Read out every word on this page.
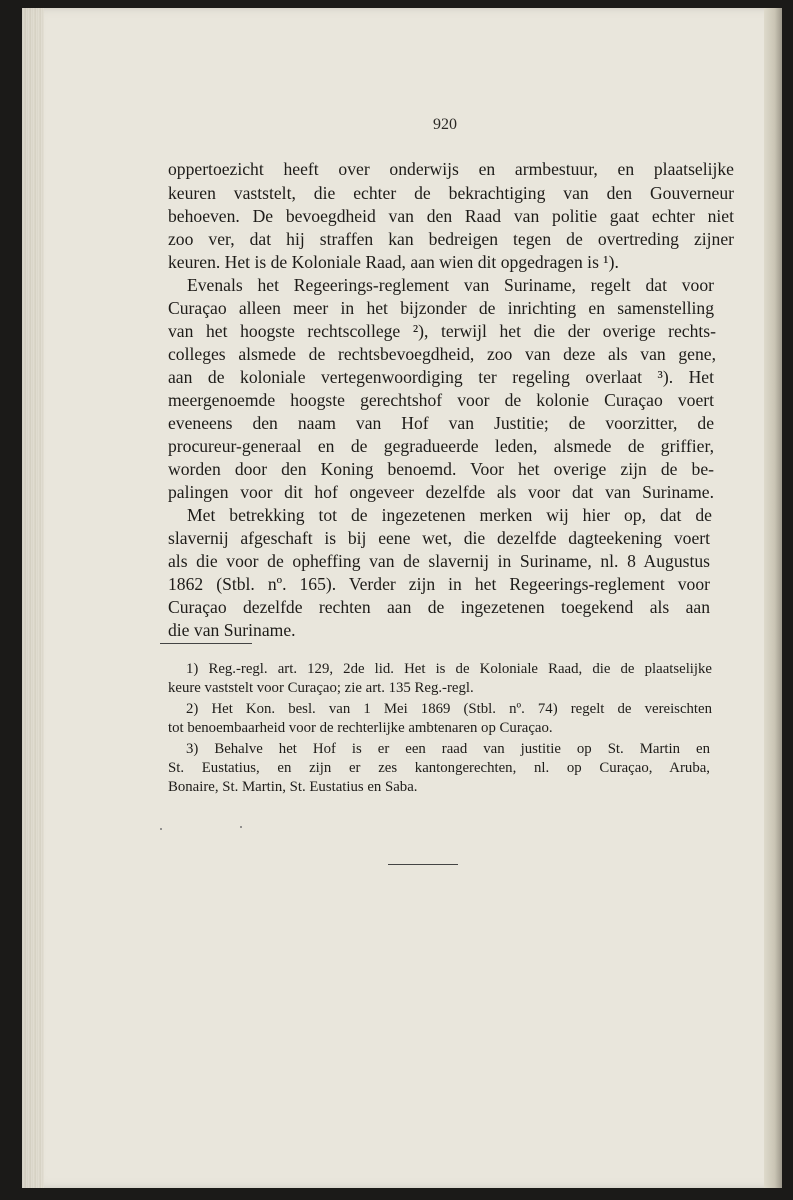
920
oppertoezicht heeft over onderwijs en armbestuur, en plaatselijke
keuren vaststelt, die echter de bekrachtiging van den Gouverneur
behoeven. De bevoegdheid van den Raad van politie gaat echter niet
zoo ver, dat hij straffen kan bedreigen tegen de overtreding zijner
keuren. Het is de Koloniale Raad, aan wien dit opgedragen is ¹).
Evenals het Regeerings-reglement van Suriname, regelt dat voor
Curaçao alleen meer in het bijzonder de inrichting en samenstelling
van het hoogste rechtscollege ²), terwijl het die der overige rechts-
colleges alsmede de rechtsbevoegdheid, zoo van deze als van gene,
aan de koloniale vertegenwoordiging ter regeling overlaat ³). Het
meergenoemde hoogste gerechtshof voor de kolonie Curaçao voert
eveneens den naam van Hof van Justitie; de voorzitter, de
procureur-generaal en de gegradueerde leden, alsmede de griffier,
worden door den Koning benoemd. Voor het overige zijn de be-
palingen voor dit hof ongeveer dezelfde als voor dat van Suriname.
Met betrekking tot de ingezetenen merken wij hier op, dat de
slavernij afgeschaft is bij eene wet, die dezelfde dagteekening voert
als die voor de opheffing van de slavernij in Suriname, nl. 8 Augustus
1862 (Stbl. nº. 165). Verder zijn in het Regeerings-reglement voor
Curaçao dezelfde rechten aan de ingezetenen toegekend als aan
die van Suriname.
1) Reg.-regl. art. 129, 2de lid. Het is de Koloniale Raad, die de plaatselijke
keure vaststelt voor Curaçao; zie art. 135 Reg.-regl.
2) Het Kon. besl. van 1 Mei 1869 (Stbl. nº. 74) regelt de vereischten
tot benoembaarheid voor de rechterlijke ambtenaren op Curaçao.
3) Behalve het Hof is er een raad van justitie op St. Martin en
St. Eustatius, en zijn er zes kantongerechten, nl. op Curaçao, Aruba,
Bonaire, St. Martin, St. Eustatius en Saba.
